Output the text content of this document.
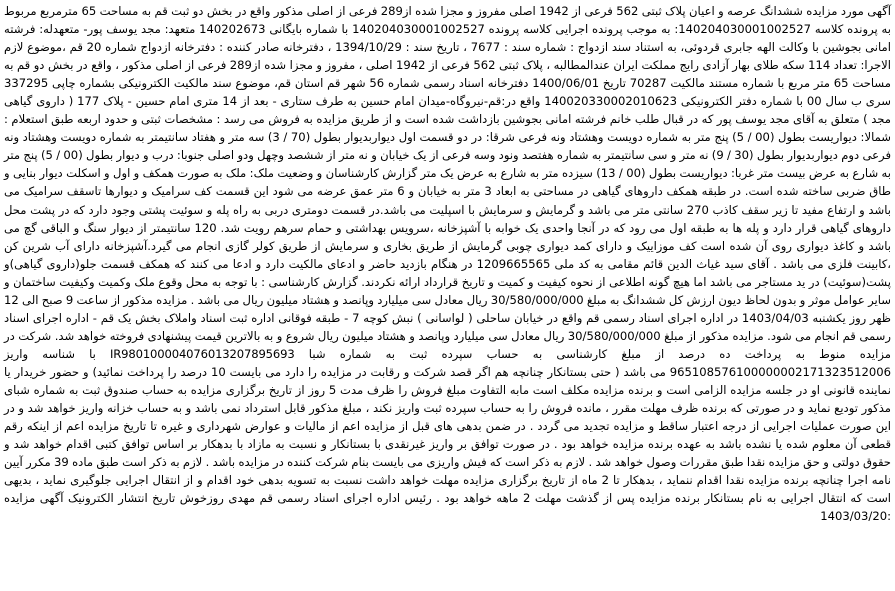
آگهی مورد مزایده ششدانگ عرصه و اعیان پلاک ثبتی 562 فرعی از 1942 اصلی مفروز و مجزا شده از289 فرعی از اصلی مذکور واقع در بخش دو ثبت قم به مساحت 65 مترمربع مربوط به پرونده کلاسه 140204030001002527: به موجب پرونده اجرایی کلاسه پرونده 140204030001002527 با شماره بایگانی 140202673 متعهد: مجد یوسف پور- متعهدله: فرشته امانی بجوشین با وکالت الهه جابری قردوئی، به استناد سند ازدواج : شماره سند : 7677 ، تاریخ سند : 1394/10/29 ، دفترخانه صادر کننده : دفترخانه ازدواج شماره 20 قم ،موضوع لازم الاجرا: تعداد 114 سکه طلای بهار آزادی رایج مملکت ایران عندالمطالبه ، پلاک ثبتی 562 فرعی از 1942 اصلی ، مفروز و مجزا شده از289 فرعی از اصلی مذکور ، واقع در بخش دو قم به مساحت 65 متر مربع با شماره مستند مالکیت 70287 تاریخ 1400/06/01 دفترخانه اسناد رسمی شماره 56 شهر قم استان قم، موضوع سند مالکیت الکترونیکی بشماره چاپی 337295 سری ب سال 00 با شماره دفتر الکترونیکی 140020330002010623 واقع در:قم-نیروگاه-میدان امام حسین به طرف ستاری - بعد از 14 متری امام حسین - پلاک 177 ( داروی گیاهی مجد ) متعلق به آقای مجد یوسف پور که در قبال طلب خانم فرشته امانی بجوشین بازداشت شده است و از طریق مزایده به فروش می رسد : مشخصات ثبتی و حدود اربعه طبق استعلام : شمالا: دیواریست بطول (00 / 5) پنج متر به شماره دویست وهشتاد ونه فرعی شرقا: در دو قسمت اول دیواربدیوار بطول (70 / 3) سه متر و هفتاد سانتیمتر به شماره دویست وهشتاد ونه فرعی دوم دیواربدیوار بطول (30 / 9) نه متر و سی سانتیمتر به شماره هفتصد ونود وسه فرعی از یک خیابان و نه متر از ششصد وچهل ودو اصلی جنوبا: درب و دیوار بطول (00 / 5) پنج متر به شارع به عرض بیست متر غربا: دیواریست بطول (00 / 13) سیزده متر به شارع به عرض یک متر گزارش کارشناسان و وضعیت ملک: ملک به صورت همکف و اول و اسکلت دیوار بنایی و طاق ضربی ساخته شده است. در طبقه همکف داروهای گیاهی در مساحتی به ابعاد 3 متر به خیابان و 6 متر عمق عرضه می شود این قسمت کف سرامیک و دیوارها تاسقف سرامیک می باشد و ارتفاع مفید تا زیر سقف کاذب 270 سانتی متر می باشد و گرمایش و سرمایش با اسپلیت می باشد.در قسمت دومتری دربی به راه پله و سوئیت پشتی وجود دارد که در پشت محل داروهای گیاهی قرار دارد و پله ها به طبقه اول می رود که در آنجا واحدی یک خوابه با آشپزخانه ،سرویس بهداشتی و حمام سرهم رویت شد. 120 سانتیمتر از دیوار سنگ و الباقی گچ می باشد و کاغذ دیواری روی آن شده است کف موزاییک و دارای کمد دیواری چوبی گرمایش از طریق بخاری و سرمایش از طریق کولر گازی انجام می گیرد.آشپزخانه دارای آب شرین کن ،کابینت فلزی می باشد . آقای سید غیاث الدین قائم مقامی به کد ملی 1209665565 در هنگام بازدید حاضر و ادعای مالکیت دارد و ادعا می کنند که همکف قسمت جلو(داروی گیاهی)و پشت(سوئیت) در ید مستاجر می باشد اما هیچ گونه اطلاعی از نحوه کیفیت و کمیت و تاریخ قرارداد ارائه نکردند. گزارش کارشناسی : با توجه به محل وقوع ملک وکمیت وکیفیت ساختمان و سایر عوامل موثر و بدون لحاظ دیون ارزش کل ششدانگ به مبلغ 30/580/000/000 ریال معادل سی میلیارد وپانصد و هشتاد میلیون ریال می باشد . مزایده مذکور از ساعت 9 صبح الی 12 ظهر روز یکشنبه 1403/04/03 در اداره اجرای اسناد رسمی قم واقع در خیابان ساحلی ( لواسانی ) نبش کوچه 7 - طبقه فوقانی اداره ثبت اسناد واملاک بخش یک قم - اداره اجرای اسناد رسمی قم انجام می شود. مزایده مذکور از مبلغ 30/580/000/000 ریال معادل سی میلیارد وپانصد و هشتاد میلیون ریال شروع و به بالاترین قیمت پیشنهادی فروخته خواهد شد. شرکت در مزایده منوط به پرداخت ده درصد از مبلغ کارشناسی به حساب سپرده ثبت به شماره شبا IR980100004076013207895693 با شناسه واریز 965108576100000002171323512006 می باشد ( حتی بستانکار چنانچه هم اگر قصد شرکت و رقابت در مزایده را دارد می بایست 10 درصد را پرداخت نمائید) و حضور خریدار یا نماینده قانونی او در جلسه مزایده الزامی است و برنده مزایده مکلف است مابه التفاوت مبلغ فروش را ظرف مدت 5 روز از تاریخ برگزاری مزایده به حساب صندوق ثبت به شماره شبای مذکور تودیع نماید و در صورتی که برنده ظرف مهلت مقرر ، مانده فروش را به حساب سپرده ثبت واریز نکند ، مبلغ مذکور قابل استرداد نمی باشد و به حساب خزانه واریز خواهد شد و در این صورت عملیات اجرایی از درجه اعتبار ساقط و مزایده تجدید می گردد . در ضمن بدهی های قبل از مزایده اعم از مالیات و عوارض شهرداری و غیره تا تاریخ مزایده اعم از اینکه رقم قطعی آن معلوم شده یا نشده باشد به عهده برنده مزایده خواهد بود . در صورت توافق بر واریز غیرنقدی با بستانکار و نسبت به مازاد با بدهکار بر اساس توافق کتبی اقدام خواهد شد و حقوق دولتی و حق مزایده نقدا طبق مقررات وصول خواهد شد . لازم به ذکر است که فیش واریزی می بایست بنام شرکت کننده در مزایده باشد . لازم به ذکر است طبق ماده 39 مکرر آیین نامه اجرا چنانچه برنده مزایده نقدا اقدام ننماید ، بدهکار تا 2 ماه از تاریخ برگزاری مزایده مهلت خواهد داشت نسبت به تسویه بدهی خود اقدام و از انتقال اجرایی جلوگیری نماید ، بدیهی است که انتقال اجرایی به نام بستانکار برنده مزایده پس از گذشت مهلت 2 ماهه خواهد بود . رئیس اداره اجرای اسناد رسمی قم مهدی روزخوش تاریخ انتشار الکترونیک آگهی مزایده :1403/03/20
